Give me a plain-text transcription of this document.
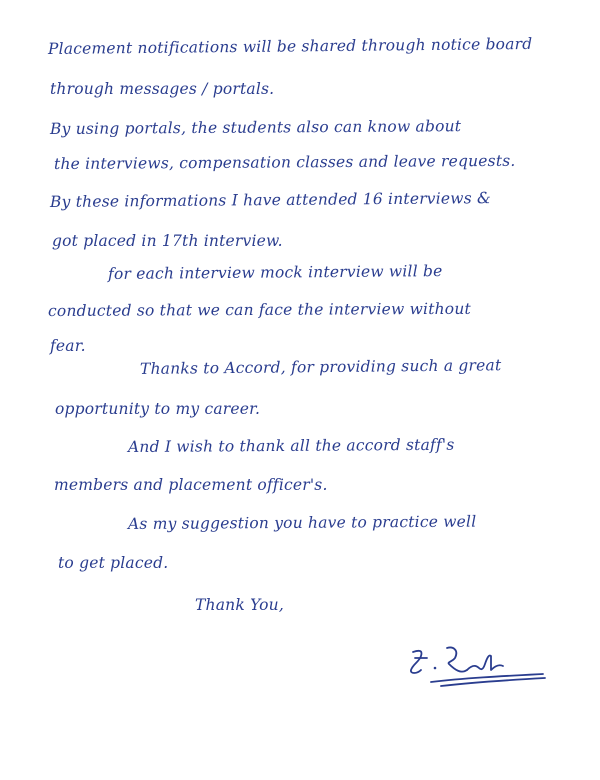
Placement notifications will be shared through notice board
through messages / portals.
By using portals, the students also can know about
the interviews, compensation classes and leave requests.
By these informations I have attended 16 interviews &
got placed in 17th interview.
for each interview mock interview will be
conducted so that we can face the interview without
fear.
Thanks to Accord, for providing such a great
opportunity to my career.
And I wish to thank all the accord staff's
members and placement officer's.
As my suggestion you have to practice well
to get placed.
Thank You,
